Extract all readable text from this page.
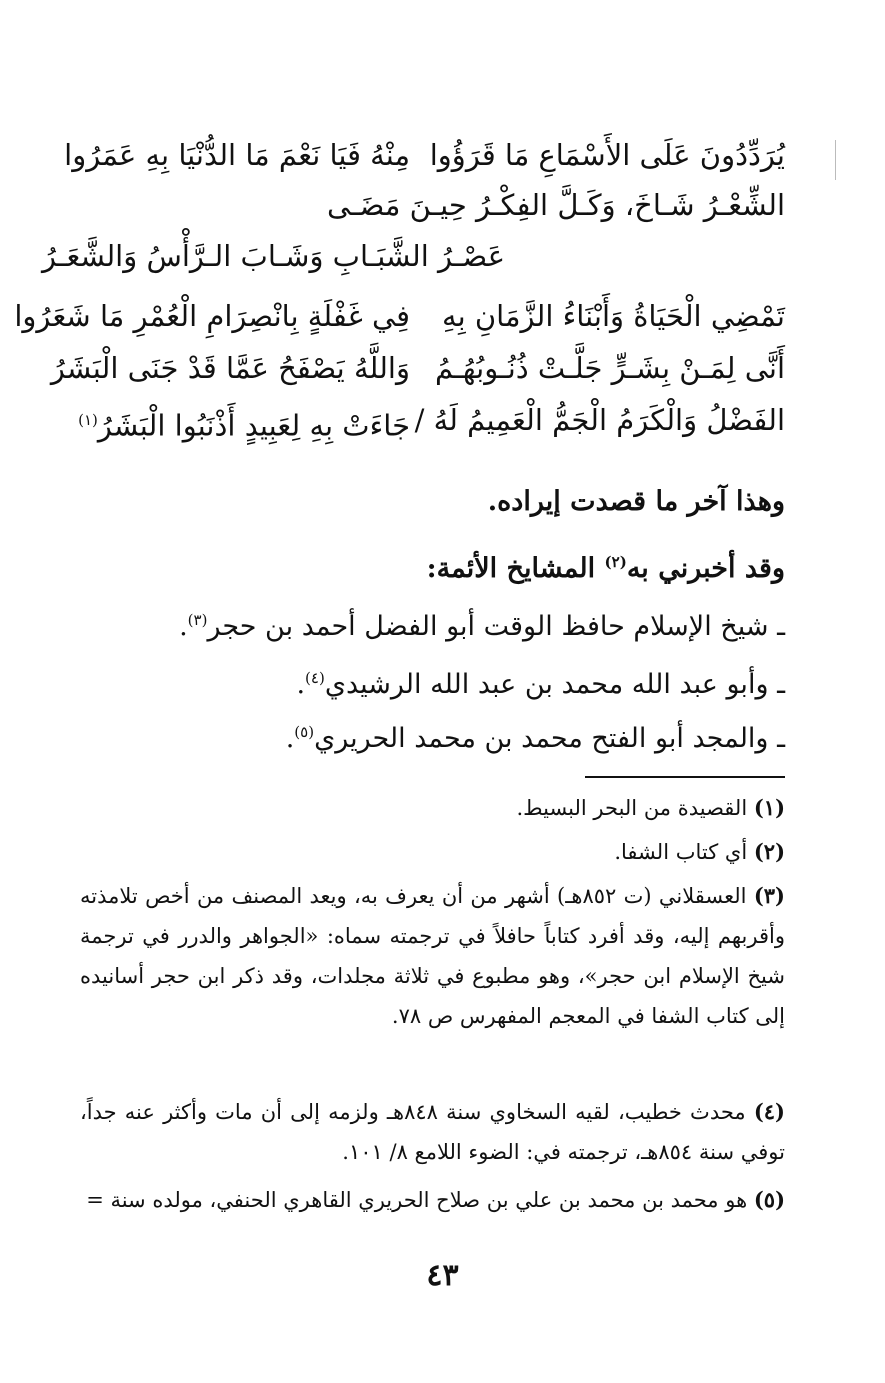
يُرَدِّدُونَ عَلَى الأَسْمَاعِ مَا قَرَؤُوا
مِنْهُ فَيَا نَعْمَ مَا الدُّنْيَا بِهِ عَمَرُوا
الشِّعْـرُ شَـاخَ، وَكَـلَّ الفِكْـرُ حِيـنَ مَضَـى
عَصْـرُ الشَّبَـابِ وَشَـابَ الـرَّأْسُ وَالشَّعَـرُ
تَمْضِي الْحَيَاةُ وَأَبْنَاءُ الزَّمَانِ بِهِ
فِي غَفْلَةٍ بِانْصِرَامِ الْعُمْرِ مَا شَعَرُوا
أَنَّى لِمَـنْ بِشَـرٍّ جَلَّـتْ ذُنُـوبُهُـمُ
وَاللَّهُ يَصْفَحُ عَمَّا قَدْ جَنَى الْبَشَرُ
الفَضْلُ وَالْكَرَمُ الْجَمُّ الْعَمِيمُ لَهُ /
جَاءَتْ بِهِ لِعَبِيدٍ أَذْنَبُوا الْبَشَرُ$^{(١)}$
وهذا آخر ما قصدت إيراده.
وقد أخبرني به$^{(٢)}$ المشايخ الأئمة:
ـ شيخ الإسلام حافظ الوقت أبو الفضل أحمد بن حجر$^{(٣)}$.
ـ وأبو عبد الله محمد بن عبد الله الرشيدي$^{(٤)}$.
ـ والمجد أبو الفتح محمد بن محمد الحريري$^{(٥)}$.
(١) القصيدة من البحر البسيط.
(٢) أي كتاب الشفا.
(٣) العسقلاني (ت ٨٥٢هـ) أشهر من أن يعرف به، ويعد المصنف من أخص تلامذته وأقربهم إليه، وقد أفرد كتاباً حافلاً في ترجمته سماه: «الجواهر والدرر في ترجمة شيخ الإسلام ابن حجر»، وهو مطبوع في ثلاثة مجلدات، وقد ذكر ابن حجر أسانيده إلى كتاب الشفا في المعجم المفهرس ص ٧٨.
(٤) محدث خطيب، لقيه السخاوي سنة ٨٤٨هـ ولزمه إلى أن مات وأكثر عنه جداً، توفي سنة ٨٥٤هـ، ترجمته في: الضوء اللامع ٨/ ١٠١.
(٥) هو محمد بن محمد بن علي بن صلاح الحريري القاهري الحنفي، مولده سنة =
٤٣
